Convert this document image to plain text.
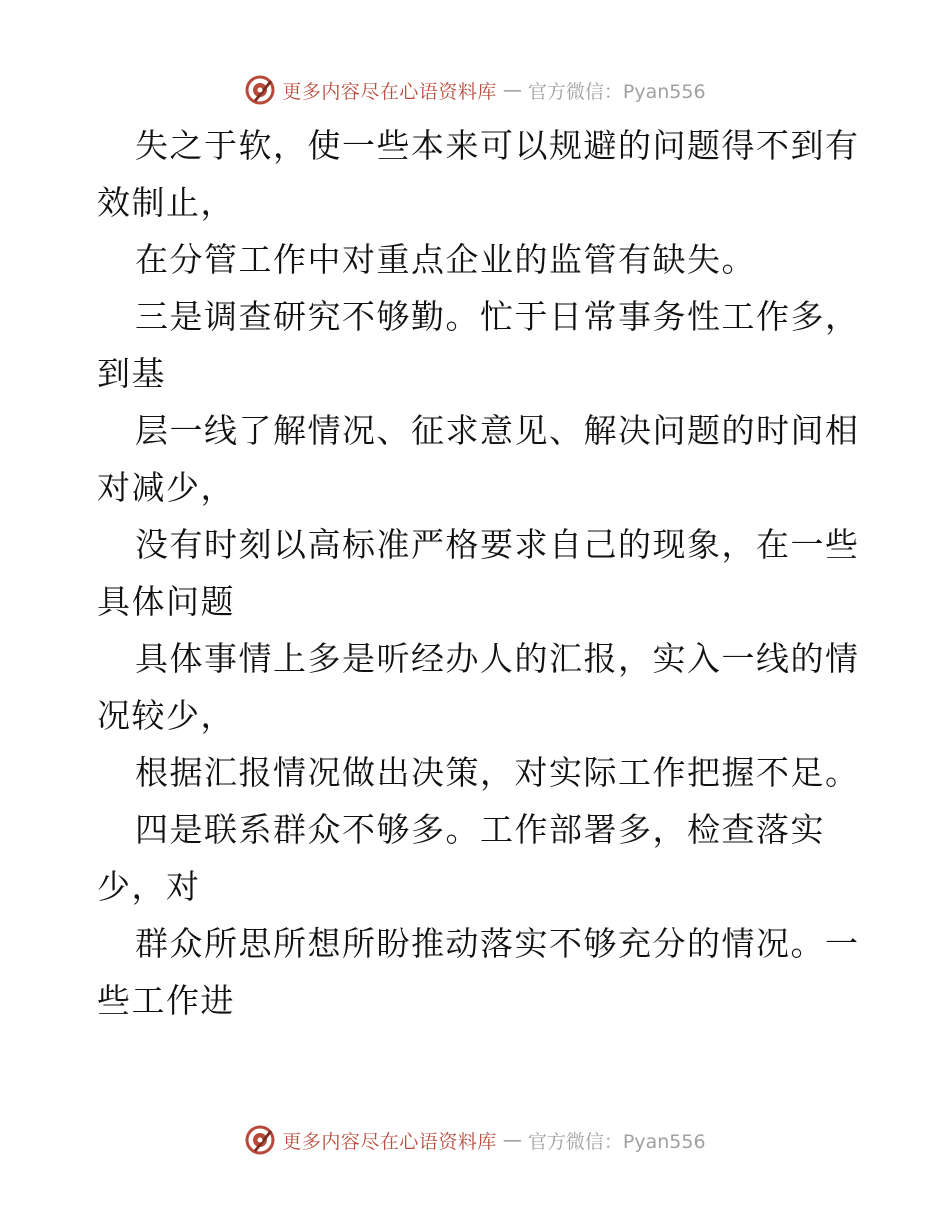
更多内容尽在心语资料库 — 官方微信：Pyan556
失之于软，使一些本来可以规避的问题得不到有
效制止，
在分管工作中对重点企业的监管有缺失。
三是调查研究不够勤。忙于日常事务性工作多，
到基
层一线了解情况、征求意见、解决问题的时间相
对减少，
没有时刻以高标准严格要求自己的现象，在一些
具体问题
具体事情上多是听经办人的汇报，实入一线的情
况较少，
根据汇报情况做出决策，对实际工作把握不足。
四是联系群众不够多。工作部署多，检查落实
少，对
群众所思所想所盼推动落实不够充分的情况。一
些工作进
更多内容尽在心语资料库 — 官方微信：Pyan556
